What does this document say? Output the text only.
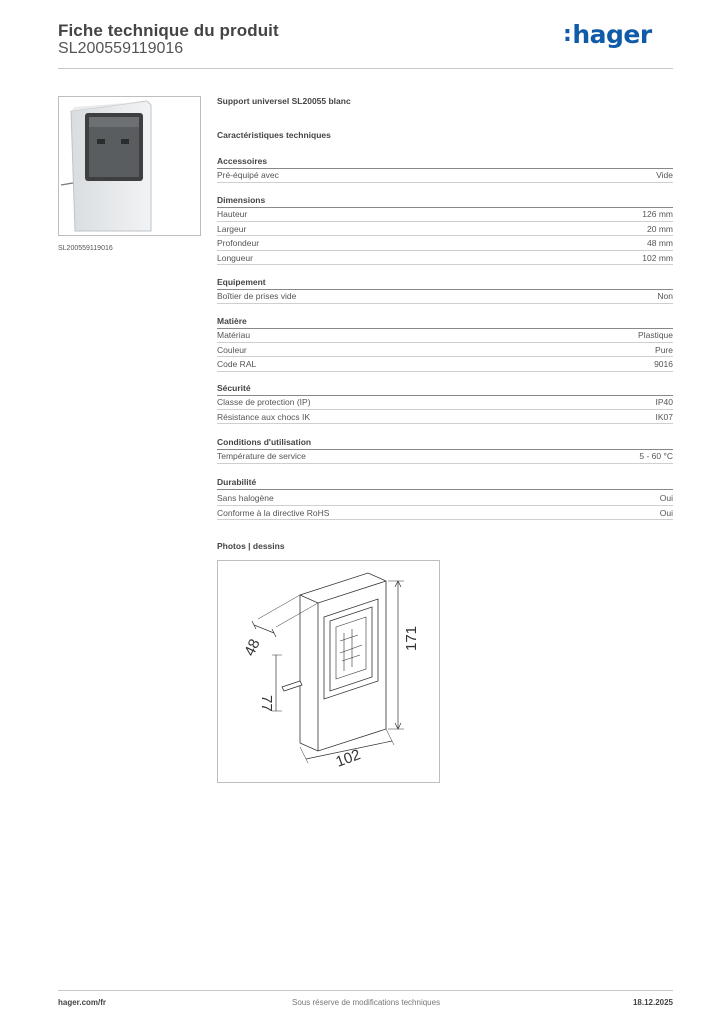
Fiche technique du produit
SL200559119016
:hager
SL200559119016
Support universel SL20055 blanc
Caractéristiques techniques
Accessoires
Pré-équipé avec	Vide
Dimensions
Hauteur	126 mm
Largeur	20 mm
Profondeur	48 mm
Longueur	102 mm
Equipement
Boîtier de prises vide	Non
Matière
Matériau	Plastique
Couleur	Pure
Code RAL	9016
Sécurité
Classe de protection (IP)	IP40
Résistance aux chocs IK	IK07
Conditions d'utilisation
Température de service	5 - 60 °C
Durabilité
Sans halogène	Oui
Conforme à la directive RoHS	Oui
Photos | dessins
48
77
171
102
hager.com/fr	Sous réserve de modifications techniques	18.12.2025
